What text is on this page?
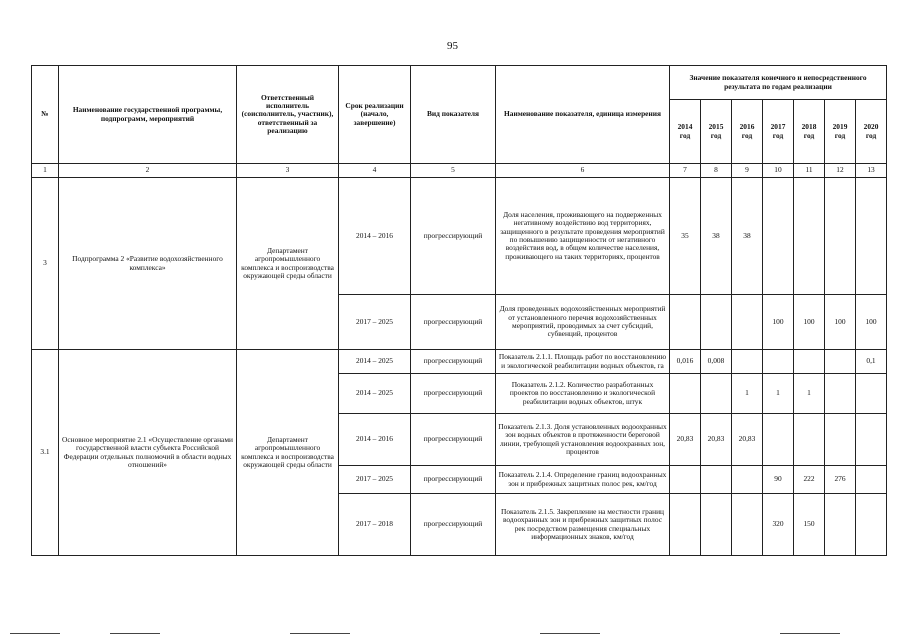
95
№	Наименование государственной программы, подпрограмм, мероприятий	Ответственный исполнитель (соисполнитель, участник), ответственный за реализацию	Срок реализации (начало, завершение)	Вид показателя	Наименование показателя, единица измерения	Значение показателя конечного и непосредственного результата по годам реализации						
						2014 год	2015 год	2016 год	2017 год	2018 год	2019 год	2020 год
1	2	3	4	5	6	7	8	9	10	11	12	13
3	Подпрограмма 2 «Развитие водохозяйственного комплекса»	Департамент агропромышленного комплекса и воспроизводства окружающей среды области	2014 – 2016	прогрессирующий	Доля населения, проживающего на подверженных негативному воздействию вод территориях, защищенного в результате проведения мероприятий по повышению защищенности от негативного воздействия вод, в общем количестве населения, проживающего на таких территориях, процентов	35	38	38				
			2017 – 2025	прогрессирующий	Доля проведенных водохозяйственных мероприятий от установленного перечня водохозяйственных мероприятий, проводимых за счет субсидий, субвенций, процентов				100	100	100	100
3.1	Основное мероприятие 2.1 «Осуществление органами государственной власти субъекта Российской Федерации отдельных полномочий в области водных отношений»	Департамент агропромышленного комплекса и воспроизводства окружающей среды области	2014 – 2025	прогрессирующий	Показатель 2.1.1. Площадь работ по восстановлению и экологической реабилитации водных объектов, га	0,016	0,008					0,1
			2014 – 2025	прогрессирующий	Показатель 2.1.2. Количество разработанных проектов по восстановлению и экологической реабилитации водных объектов, штук			1	1	1		
			2014 – 2016	прогрессирующий	Показатель 2.1.3. Доля установленных водоохранных зон водных объектов в протяженности береговой линии, требующей установления водоохранных зон, процентов	20,83	20,83	20,83				
			2017 – 2025	прогрессирующий	Показатель 2.1.4. Определение границ водоохранных зон и прибрежных защитных полос рек, км/год				90	222	276	
			2017 – 2018	прогрессирующий	Показатель 2.1.5. Закрепление на местности границ водоохранных зон и прибрежных защитных полос рек посредством размещения специальных информационных знаков, км/год				320	150		
